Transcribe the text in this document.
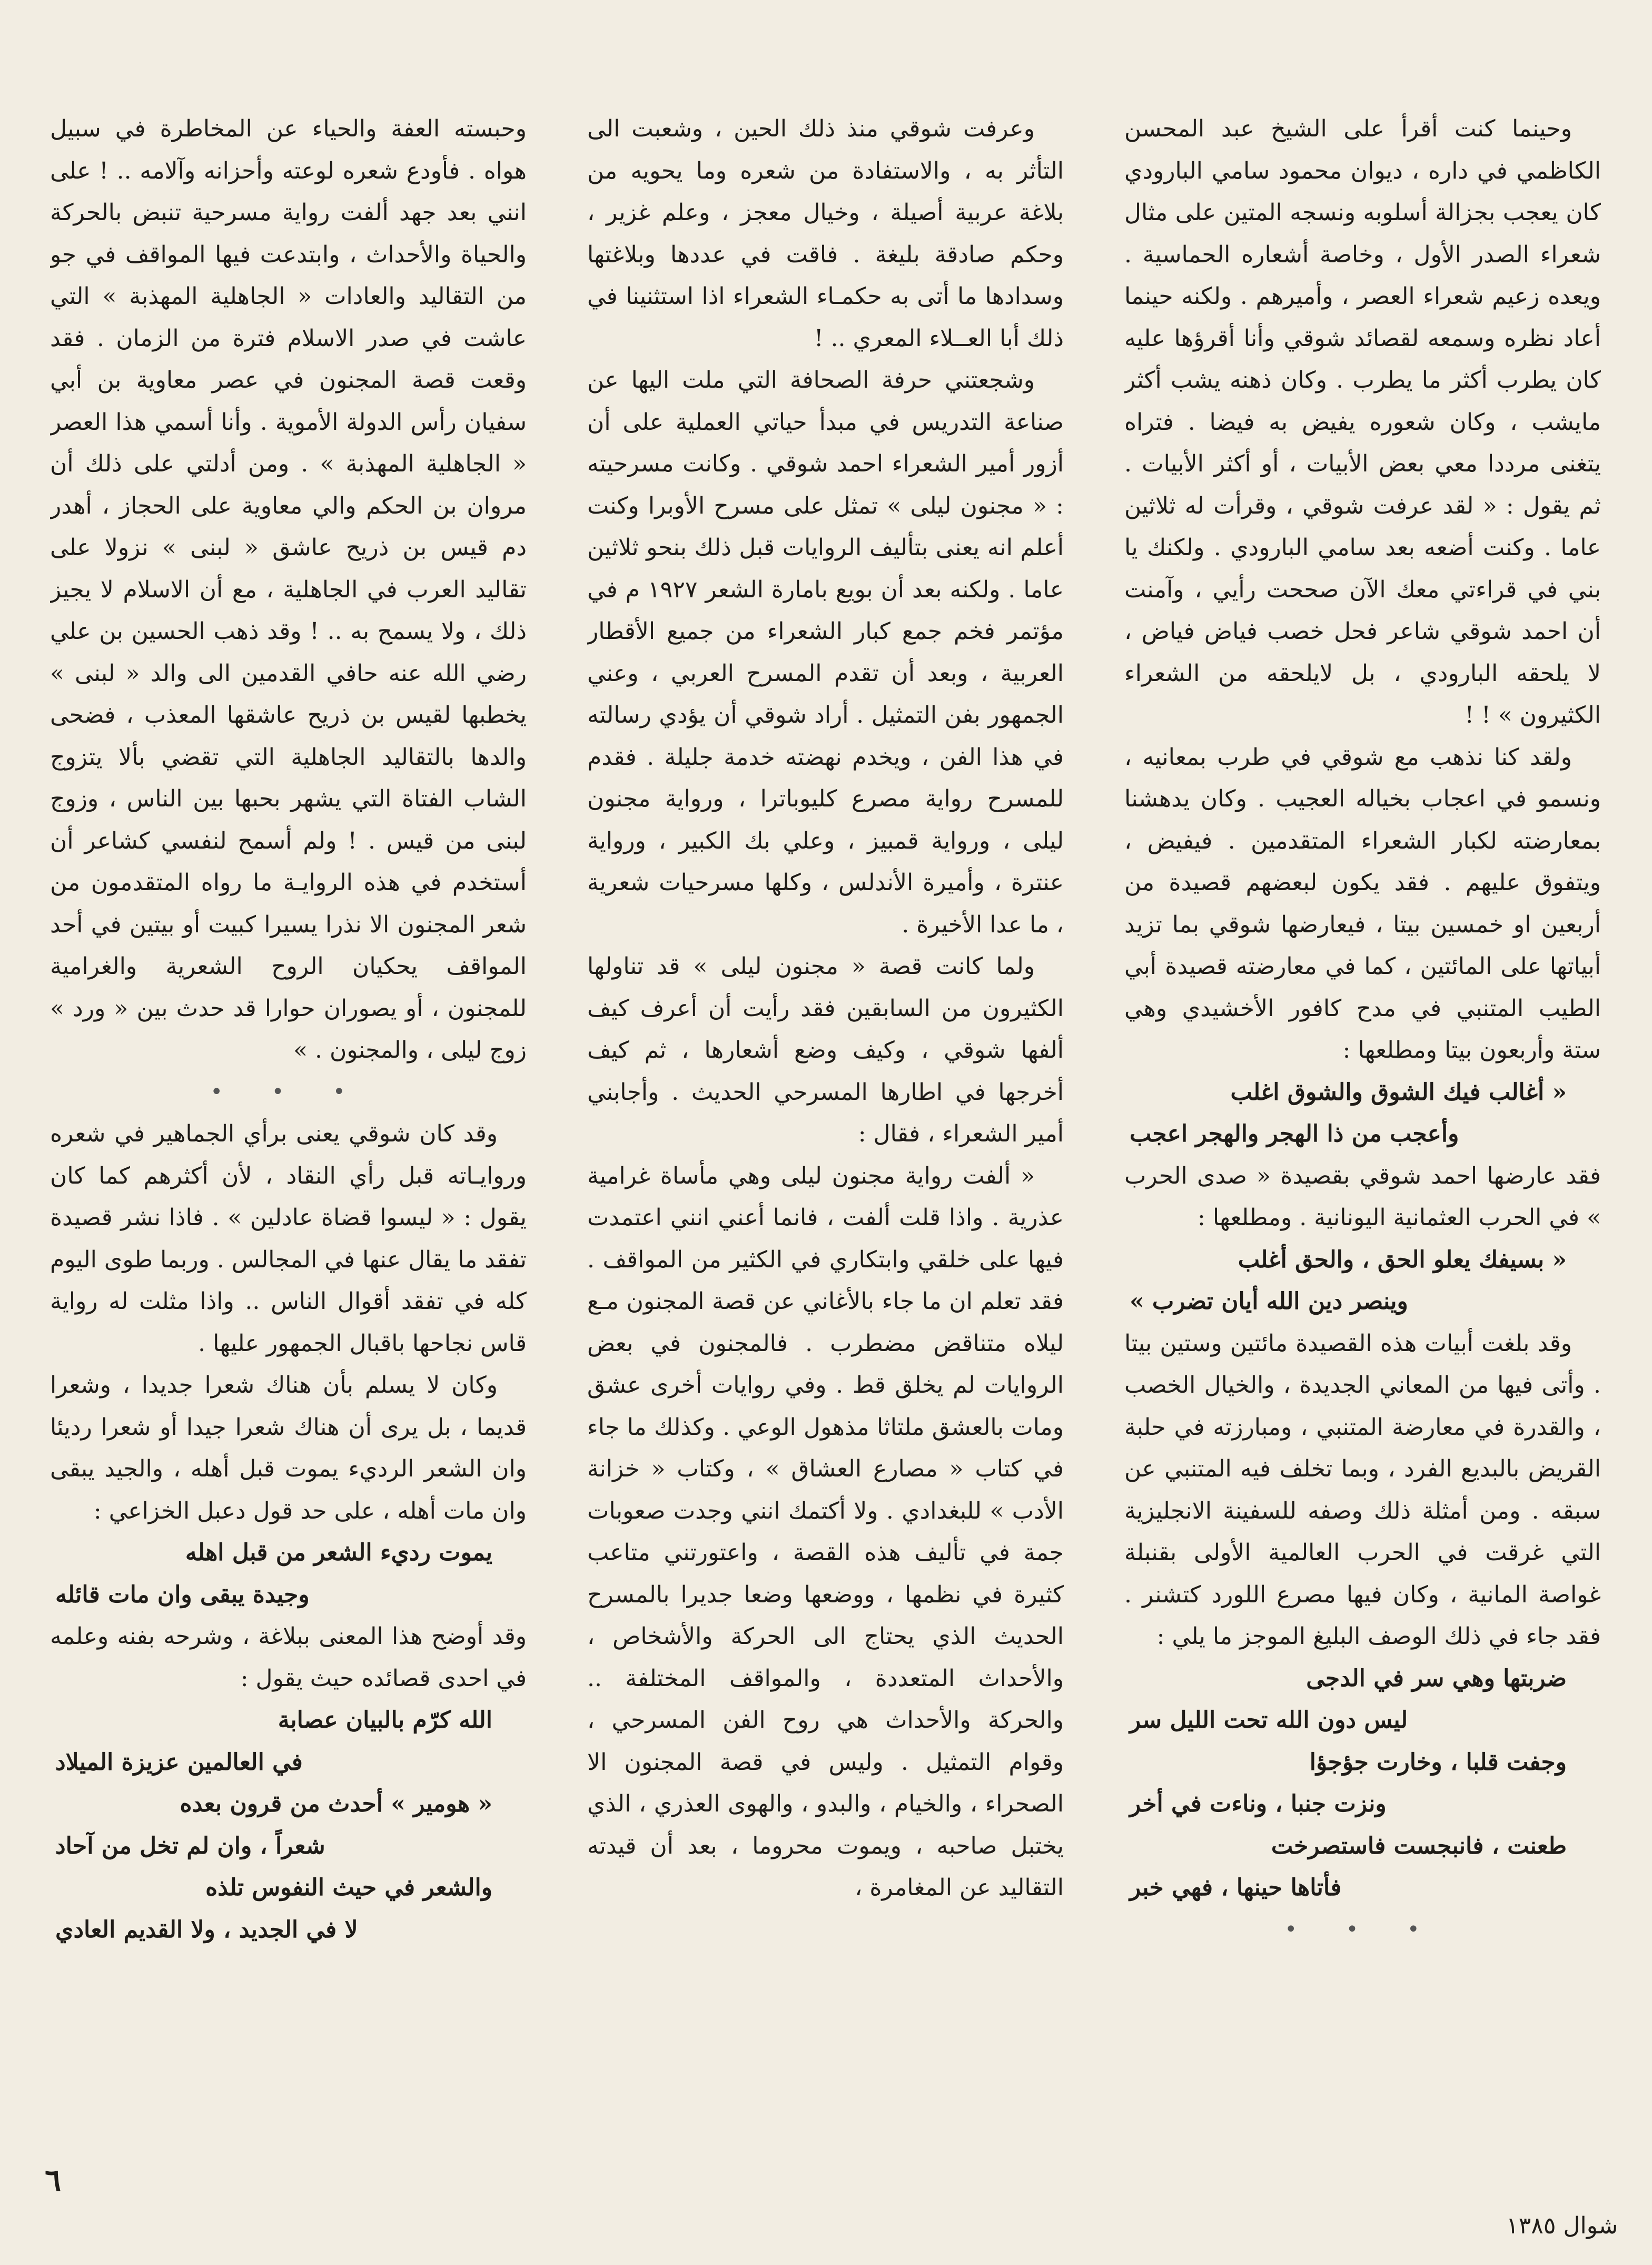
وحينما كنت أقرأ على الشيخ عبد المحسن الكاظمي في داره ، ديوان محمود سامي البارودي كان يعجب بجزالة أسلوبه ونسجه المتين على مثال شعراء الصدر الأول ، وخاصة أشعاره الحماسية . ويعده زعيم شعراء العصر ، وأميرهم . ولكنه حينما أعاد نظره وسمعه لقصائد شوقي وأنا أقرؤها عليه كان يطرب أكثر ما يطرب . وكان ذهنه يشب أكثر مايشب ، وكان شعوره يفيض به فيضا . فتراه يتغنى مرددا معي بعض الأبيات ، أو أكثر الأبيات . ثم يقول : « لقد عرفت شوقي ، وقرأت له ثلاثين عاما . وكنت أضعه بعد سامي البارودي . ولكنك يا بني في قراءتي معك الآن صححت رأيي ، وآمنت أن احمد شوقي شاعر فحل خصب فياض فياض ، لا يلحقه البارودي ، بل لايلحقه من الشعراء الكثيرون » ! !

ولقد كنا نذهب مع شوقي في طرب بمعانيه ، ونسمو في اعجاب بخياله العجيب . وكان يدهشنا بمعارضته لكبار الشعراء المتقدمين . فيفيض ، ويتفوق عليهم . فقد يكون لبعضهم قصيدة من أربعين او خمسين بيتا ، فيعارضها شوقي بما تزيد أبياتها على المائتين ، كما في معارضته قصيدة أبي الطيب المتنبي في مدح كافور الأخشيدي وهي ستة وأربعون بيتا ومطلعها :

« أغالب فيك الشوق والشوق اغلب

وأعجب من ذا الهجر والهجر اعجب

فقد عارضها احمد شوقي بقصيدة « صدى الحرب » في الحرب العثمانية اليونانية . ومطلعها :

« بسيفك يعلو الحق ، والحق أغلب

وينصر دين الله أيان تضرب »

وقد بلغت أبيات هذه القصيدة مائتين وستين بيتا . وأتى فيها من المعاني الجديدة ، والخيال الخصب ، والقدرة في معارضة المتنبي ، ومبارزته في حلبة القريض بالبديع الفرد ، وبما تخلف فيه المتنبي عن سبقه . ومن أمثلة ذلك وصفه للسفينة الانجليزية التي غرقت في الحرب العالمية الأولى بقنبلة غواصة المانية ، وكان فيها مصرع اللورد كتشنر . فقد جاء في ذلك الوصف البليغ الموجز ما يلي :

ضربتها وهي سر في الدجى

ليس دون الله تحت الليل سر

وجفت قلبا ، وخارت جؤجؤا

ونزت جنبا ، وناءت في أخر

طعنت ، فانبجست فاستصرخت

فأتاها حينها ، فهي خبر

• • •

وعرفت شوقي منذ ذلك الحين ، وشعبت الى التأثر به ، والاستفادة من شعره وما يحويه من بلاغة عربية أصيلة ، وخيال معجز ، وعلم غزير ، وحكم صادقة بليغة . فاقت في عددها وبلاغتها وسدادها ما أتى به حكمـاء الشعراء اذا استثنينا في ذلك أبا العــلاء المعري .. !

وشجعتني حرفة الصحافة التي ملت اليها عن صناعة التدريس في مبدأ حياتي العملية على أن أزور أمير الشعراء احمد شوقي . وكانت مسرحيته : « مجنون ليلى » تمثل على مسرح الأوبرا وكنت أعلم انه يعنى بتأليف الروايات قبل ذلك بنحو ثلاثين عاما . ولكنه بعد أن بويع بامارة الشعر ١٩٢٧ م في مؤتمر فخم جمع كبار الشعراء من جميع الأقطار العربية ، وبعد أن تقدم المسرح العربي ، وعني الجمهور بفن التمثيل . أراد شوقي أن يؤدي رسالته في هذا الفن ، ويخدم نهضته خدمة جليلة . فقدم للمسرح رواية مصرع كليوباترا ، ورواية مجنون ليلى ، ورواية قمبيز ، وعلي بك الكبير ، ورواية عنترة ، وأميرة الأندلس ، وكلها مسرحيات شعرية ، ما عدا الأخيرة .

ولما كانت قصة « مجنون ليلى » قد تناولها الكثيرون من السابقين فقد رأيت أن أعرف كيف ألفها شوقي ، وكيف وضع أشعارها ، ثم كيف أخرجها في اطارها المسرحي الحديث . وأجابني أمير الشعراء ، فقال :

« ألفت رواية مجنون ليلى وهي مأساة غرامية عذرية . واذا قلت ألفت ، فانما أعني انني اعتمدت فيها على خلقي وابتكاري في الكثير من المواقف . فقد تعلم ان ما جاء بالأغاني عن قصة المجنون مـع ليلاه متناقض مضطرب . فالمجنون في بعض الروايات لم يخلق قط . وفي روايات أخرى عشق ومات بالعشق ملتاثا مذهول الوعي . وكذلك ما جاء في كتاب « مصارع العشاق » ، وكتاب « خزانة الأدب » للبغدادي . ولا أكتمك انني وجدت صعوبات جمة في تأليف هذه القصة ، واعتورتني متاعب كثيرة في نظمها ، ووضعها وضعا جديرا بالمسرح الحديث الذي يحتاج الى الحركة والأشخاص ، والأحداث المتعددة ، والمواقف المختلفة .. والحركة والأحداث هي روح الفن المسرحي ، وقوام التمثيل . وليس في قصة المجنون الا الصحراء ، والخيام ، والبدو ، والهوى العذري ، الذي يختبل صاحبه ، ويموت محروما ، بعد أن قيدته التقاليد عن المغامرة ،

وحبسته العفة والحياء عن المخاطرة في سبيل هواه . فأودع شعره لوعته وأحزانه وآلامه .. ! على انني بعد جهد ألفت رواية مسرحية تنبض بالحركة والحياة والأحداث ، وابتدعت فيها المواقف في جو من التقاليد والعادات « الجاهلية المهذبة » التي عاشت في صدر الاسلام فترة من الزمان . فقد وقعت قصة المجنون في عصر معاوية بن أبي سفيان رأس الدولة الأموية . وأنا أسمي هذا العصر « الجاهلية المهذبة » . ومن أدلتي على ذلك أن مروان بن الحكم والي معاوية على الحجاز ، أهدر دم قيس بن ذريح عاشق « لبنى » نزولا على تقاليد العرب في الجاهلية ، مع أن الاسلام لا يجيز ذلك ، ولا يسمح به .. ! وقد ذهب الحسين بن علي رضي الله عنه حافي القدمين الى والد « لبنى » يخطبها لقيس بن ذريح عاشقها المعذب ، فضحى والدها بالتقاليد الجاهلية التي تقضي بألا يتزوج الشاب الفتاة التي يشهر بحبها بين الناس ، وزوج لبنى من قيس . ! ولم أسمح لنفسي كشاعر أن أستخدم في هذه الروايـة ما رواه المتقدمون من شعر المجنون الا نذرا يسيرا كبيت أو بيتين في أحد المواقف يحكيان الروح الشعرية والغرامية للمجنون ، أو يصوران حوارا قد حدث بين « ورد » زوج ليلى ، والمجنون . »

• • •

وقد كان شوقي يعنى برأي الجماهير في شعره وروايـاته قبل رأي النقاد ، لأن أكثرهم كما كان يقول : « ليسوا قضاة عادلين » . فاذا نشر قصيدة تفقد ما يقال عنها في المجالس . وربما طوى اليوم كله في تفقد أقوال الناس .. واذا مثلت له رواية قاس نجاحها باقبال الجمهور عليها .

وكان لا يسلم بأن هناك شعرا جديدا ، وشعرا قديما ، بل يرى أن هناك شعرا جيدا أو شعرا رديئا وان الشعر الرديء يموت قبل أهله ، والجيد يبقى وان مات أهله ، على حد قول دعبل الخزاعي :

يموت رديء الشعر من قبل اهله

وجيدة يبقى وان مات قائله

وقد أوضح هذا المعنى ببلاغة ، وشرحه بفنه وعلمه في احدى قصائده حيث يقول :

الله كرّم بالبيان عصابة

في العالمين عزيزة الميلاد

« هومير » أحدث من قرون بعده

شعراً ، وان لم تخل من آحاد

والشعر في حيث النفوس تلذه

لا في الجديد ، ولا القديم العادي

٦
شوال ١٣٨٥
